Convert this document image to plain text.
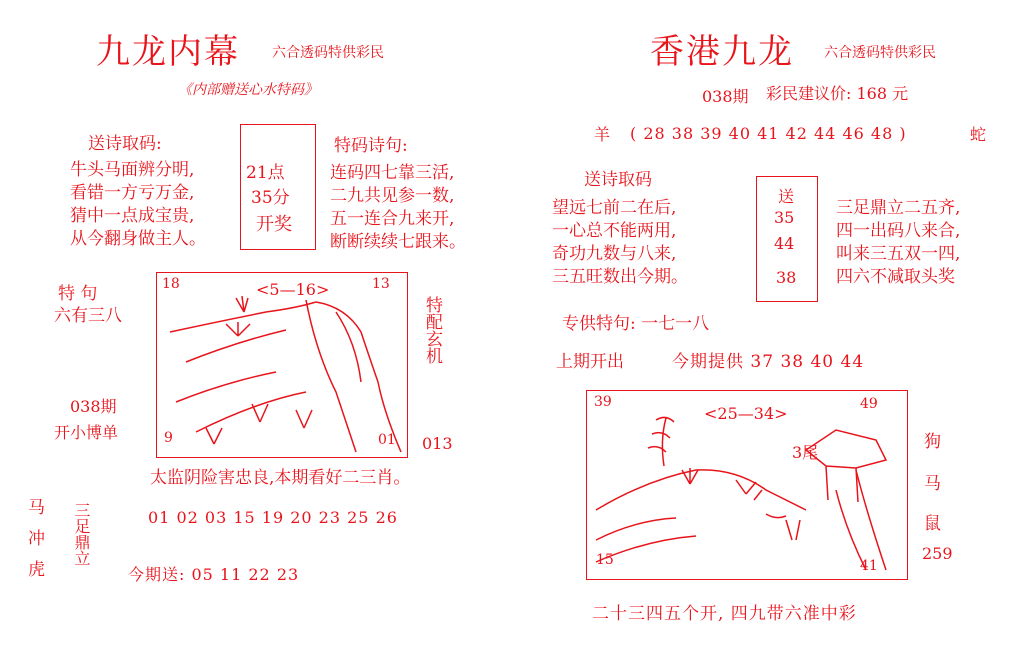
九龙内幕 六合透码特供彩民
《内部赠送心水特码》
送诗取码:
牛头马面辨分明,
看错一方亏万金,
猜中一点成宝贵,
从今翻身做主人。
21点
35分
开奖
特码诗句:
连码四七靠三活,
二九共见参一数,
五一连合九来开,
断断续续七跟来。
特 句
六有三八
038期
开小博单
18	13
9	01
<5—16>
特配玄机
013
太监阴险害忠良,本期看好二三肖。
马冲虎 三足鼎立	01 02 03 15 19 20 23 25 26
今期送: 05 11 22 23
香港九龙 六合透码特供彩民
038期 彩民建议价: 168 元
羊 ( 28 38 39 40 41 42 44 46 48 )	蛇
送诗取码
望远七前二在后,
一心总不能两用,
奇功九数与八来,
三五旺数出今期。
送
35
44
38
三足鼎立二五齐,
四一出码八来合,
叫来三五双一四,
四六不减取头奖
专供特句: 一七一八
上期开出	今期提供 37 38 40 44
39	49
15	41
<25—34>
3尾
狗
马
鼠
259
二十三四五个开, 四九带六准中彩
